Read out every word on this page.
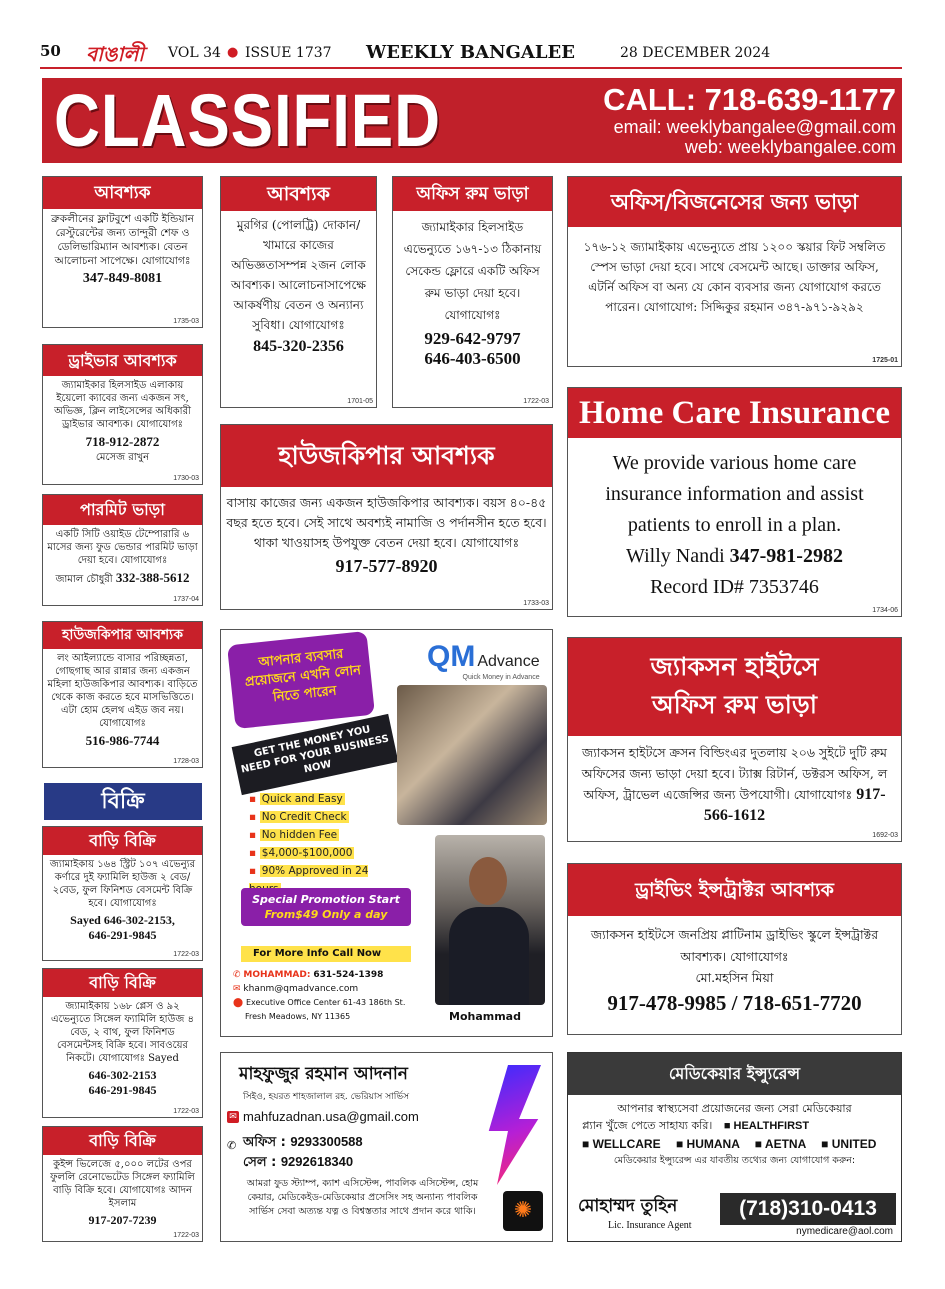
50 বাঙালী VOL 34 ● ISSUE 1737 WEEKLY BANGALEE	28 DECEMBER 2024
CLASSIFIED	CALL: 718-639-1177
email: weeklybangalee@gmail.com
web: weeklybangalee.com
আবশ্যক
ব্রুকলীনের ফ্লাটবুশে একটি ইন্ডিয়ান রেস্টুরেন্টের জন্য তান্দুরী শেফ ও ডেলিভারিম্যান আবশ্যক। বেতন আলোচনা সাপেক্ষে। যোগাযোগঃ
347-849-8081
1735-03
ড্রাইভার আবশ্যক
জ্যামাইকার হিলসাইড এলাকায় ইয়েলো ক্যাবের জন্য একজন সৎ, অভিজ্ঞ, ক্লিন লাইসেন্সের অধিকারী ড্রাইভার আবশ্যক। যোগাযোগঃ
718-912-2872
মেসেজ রাখুন
1730-03
পারমিট ভাড়া
একটি সিটি ওয়াইড টেম্পোরারি ৬ মাসের জন্য ফুড ভেন্ডার পারমিট ভাড়া দেয়া হবে। যোগাযোগঃ
জামাল চৌধুরী 332-388-5612
1737-04
হাউজকিপার আবশ্যক
লং আইল্যান্ডে বাসার পরিচ্ছন্নতা, গোছগাছ আর রান্নার জন্য একজন মহিলা হাউজকিপার আবশ্যক। বাড়িতে থেকে কাজ করতে হবে মাসভিত্তিতে। এটা হোম হেলথ এইড জব নয়। যোগাযোগঃ
516-986-7744
1728-03
বিক্রি
বাড়ি বিক্রি
জ্যামাইকায় ১৬৪ স্ট্রিট ১০৭ এভেন্যুর কর্ণারে দুই ফ্যামিলি হাউজ ২ বেড/২বেড, ফুল ফিনিশড বেসমেন্ট বিক্রি হবে। যোগাযোগঃ
Sayed 646-302-2153,
646-291-9845
1722-03
বাড়ি বিক্রি
জ্যামাইকায় ১৬৮ প্লেস ও ৯২ এভেন্যুতে সিঙ্গেল ফ্যামিলি হাউজ ৪ বেড, ২ বাথ, ফুল ফিনিশড বেসমেন্টসহ বিক্রি হবে। সাবওয়ের নিকটে। যোগাযোগঃ Sayed
646-302-2153
646-291-9845
1722-03
বাড়ি বিক্রি
কুইন্স ভিলেজে ৫,০০০ লটের ওপর ফুললি রেনোভেটেড সিঙ্গেল ফ্যামিলি বাড়ি বিক্রি হবে। যোগাযোগঃ আদন ইসলাম
917-207-7239
1722-03
আবশ্যক
মুরগির (পোলট্রি) দোকান/খামারে কাজের অভিজ্ঞতাসম্পন্ন ২জন লোক আবশ্যক। আলোচনাসাপেক্ষে আকর্ষণীয় বেতন ও অন্যান্য সুবিধা। যোগাযোগঃ
845-320-2356
1701-05
অফিস রুম ভাড়া
জ্যামাইকার হিলসাইড এভেন্যুতে ১৬৭-১৩ ঠিকানায় সেকেন্ড ফ্লোরে একটি অফিস রুম ভাড়া দেয়া হবে। যোগাযোগঃ
929-642-9797
646-403-6500
1722-03
হাউজকিপার আবশ্যক
বাসায় কাজের জন্য একজন হাউজকিপার আবশ্যক। বয়স ৪০-৪৫ বছর হতে হবে। সেই সাথে অবশ্যই নামাজি ও পর্দানসীন হতে হবে। থাকা খাওয়াসহ উপযুক্ত বেতন দেয়া হবে। যোগাযোগঃ
917-577-8920
1733-03
আপনার ব্যবসার প্রয়োজনে এখনি লোন নিতে পারেন
GET THE MONEY YOU NEED FOR YOUR BUSINESS NOW
QM Advance
Quick Money in Advance
▪ Quick and Easy
▪ No Credit Check
▪ No hidden Fee
▪ $4,000-$100,000
▪ 90% Approved in 24
Special Promotion Start
From$49 Only a day
For More Info Call Now
✆ MOHAMMAD: 631-524-1398
✉ khanm@qmadvance.com
⬤ Executive Office Center 61-43 186th St.
Fresh Meadows, NY 11365	Mohammad
মাহফুজুর রহমান আদনান
সিইও, হযরত শাহজালাল রহ. ভেরিয়াস সার্ভিস
✉ mahfuzadnan.usa@gmail.com
✆ অফিস : 9293300588
সেল : 9292618340
আমরা ফুড স্ট্যাম্প, ক্যাশ এসিস্টেন্স, পাবলিক এসিস্টেন্স, হোম কেয়ার, মেডিকেইড-মেডিকেয়ার প্রসেসিং সহ অন্যান্য পাবলিক সার্ভিস সেবা অত্যন্ত যত্ন ও বিশ্বস্ততার সাথে প্রদান করে থাকি।	✺
অফিস/বিজনেসের জন্য ভাড়া
১৭৬-১২ জ্যামাইকায় এভেন্যুতে প্রায় ১২০০ স্কয়ার ফিট সম্বলিত স্পেস ভাড়া দেয়া হবে। সাথে বেসমেন্ট আছে। ডাক্তার অফিস, এটর্নি অফিস বা অন্য যে কোন ব্যবসার জন্য যোগাযোগ করতে পারেন। যোগাযোগ: সিদ্দিকুর রহমান ৩৪৭-৯৭১-৯২৯২
1725-01
Home Care Insurance
We provide various home care
insurance information and assist
patients to enroll in a plan.
Willy Nandi 347-981-2982
Record ID# 7353746
1734-06
জ্যাকসন হাইটসে
অফিস রুম ভাড়া
জ্যাকসন হাইটসে ক্রসন বিল্ডিংএর দুতলায় ২০৬ সুইটে দুটি রুম অফিসের জন্য ভাড়া দেয়া হবে। ট্যাক্স রিটার্ন, ডক্টরস অফিস, ল অফিস, ট্রাভেল এজেন্সির জন্য উপযোগী। যোগাযোগঃ 917-566-1612
1692-03
ড্রাইভিং ইন্সট্রাক্টর আবশ্যক
জ্যাকসন হাইটসে জনপ্রিয় প্লাটিনাম ড্রাইভিং স্কুলে ইন্সট্রাক্টর আবশ্যক। যোগাযোগঃ
মো.মহসিন মিয়া
917-478-9985 / 718-651-7720
মেডিকেয়ার ইন্স্যুরেন্স
আপনার স্বাস্থ্যসেবা প্রয়োজনের জন্য সেরা মেডিকেয়ার
প্ল্যান খুঁজে পেতে সাহায্য করি। ■ HEALTHFIRST
■ WELLCARE ■ HUMANA ■ AETNA ■ UNITED
মেডিকেয়ার ইন্স্যুরেন্স এর যাবতীয় তথ্যের জন্য যোগাযোগ করুন:
মোহাম্মদ তুহিন
Lic. Insurance Agent
(718)310-0413
nymedicare@aol.com
